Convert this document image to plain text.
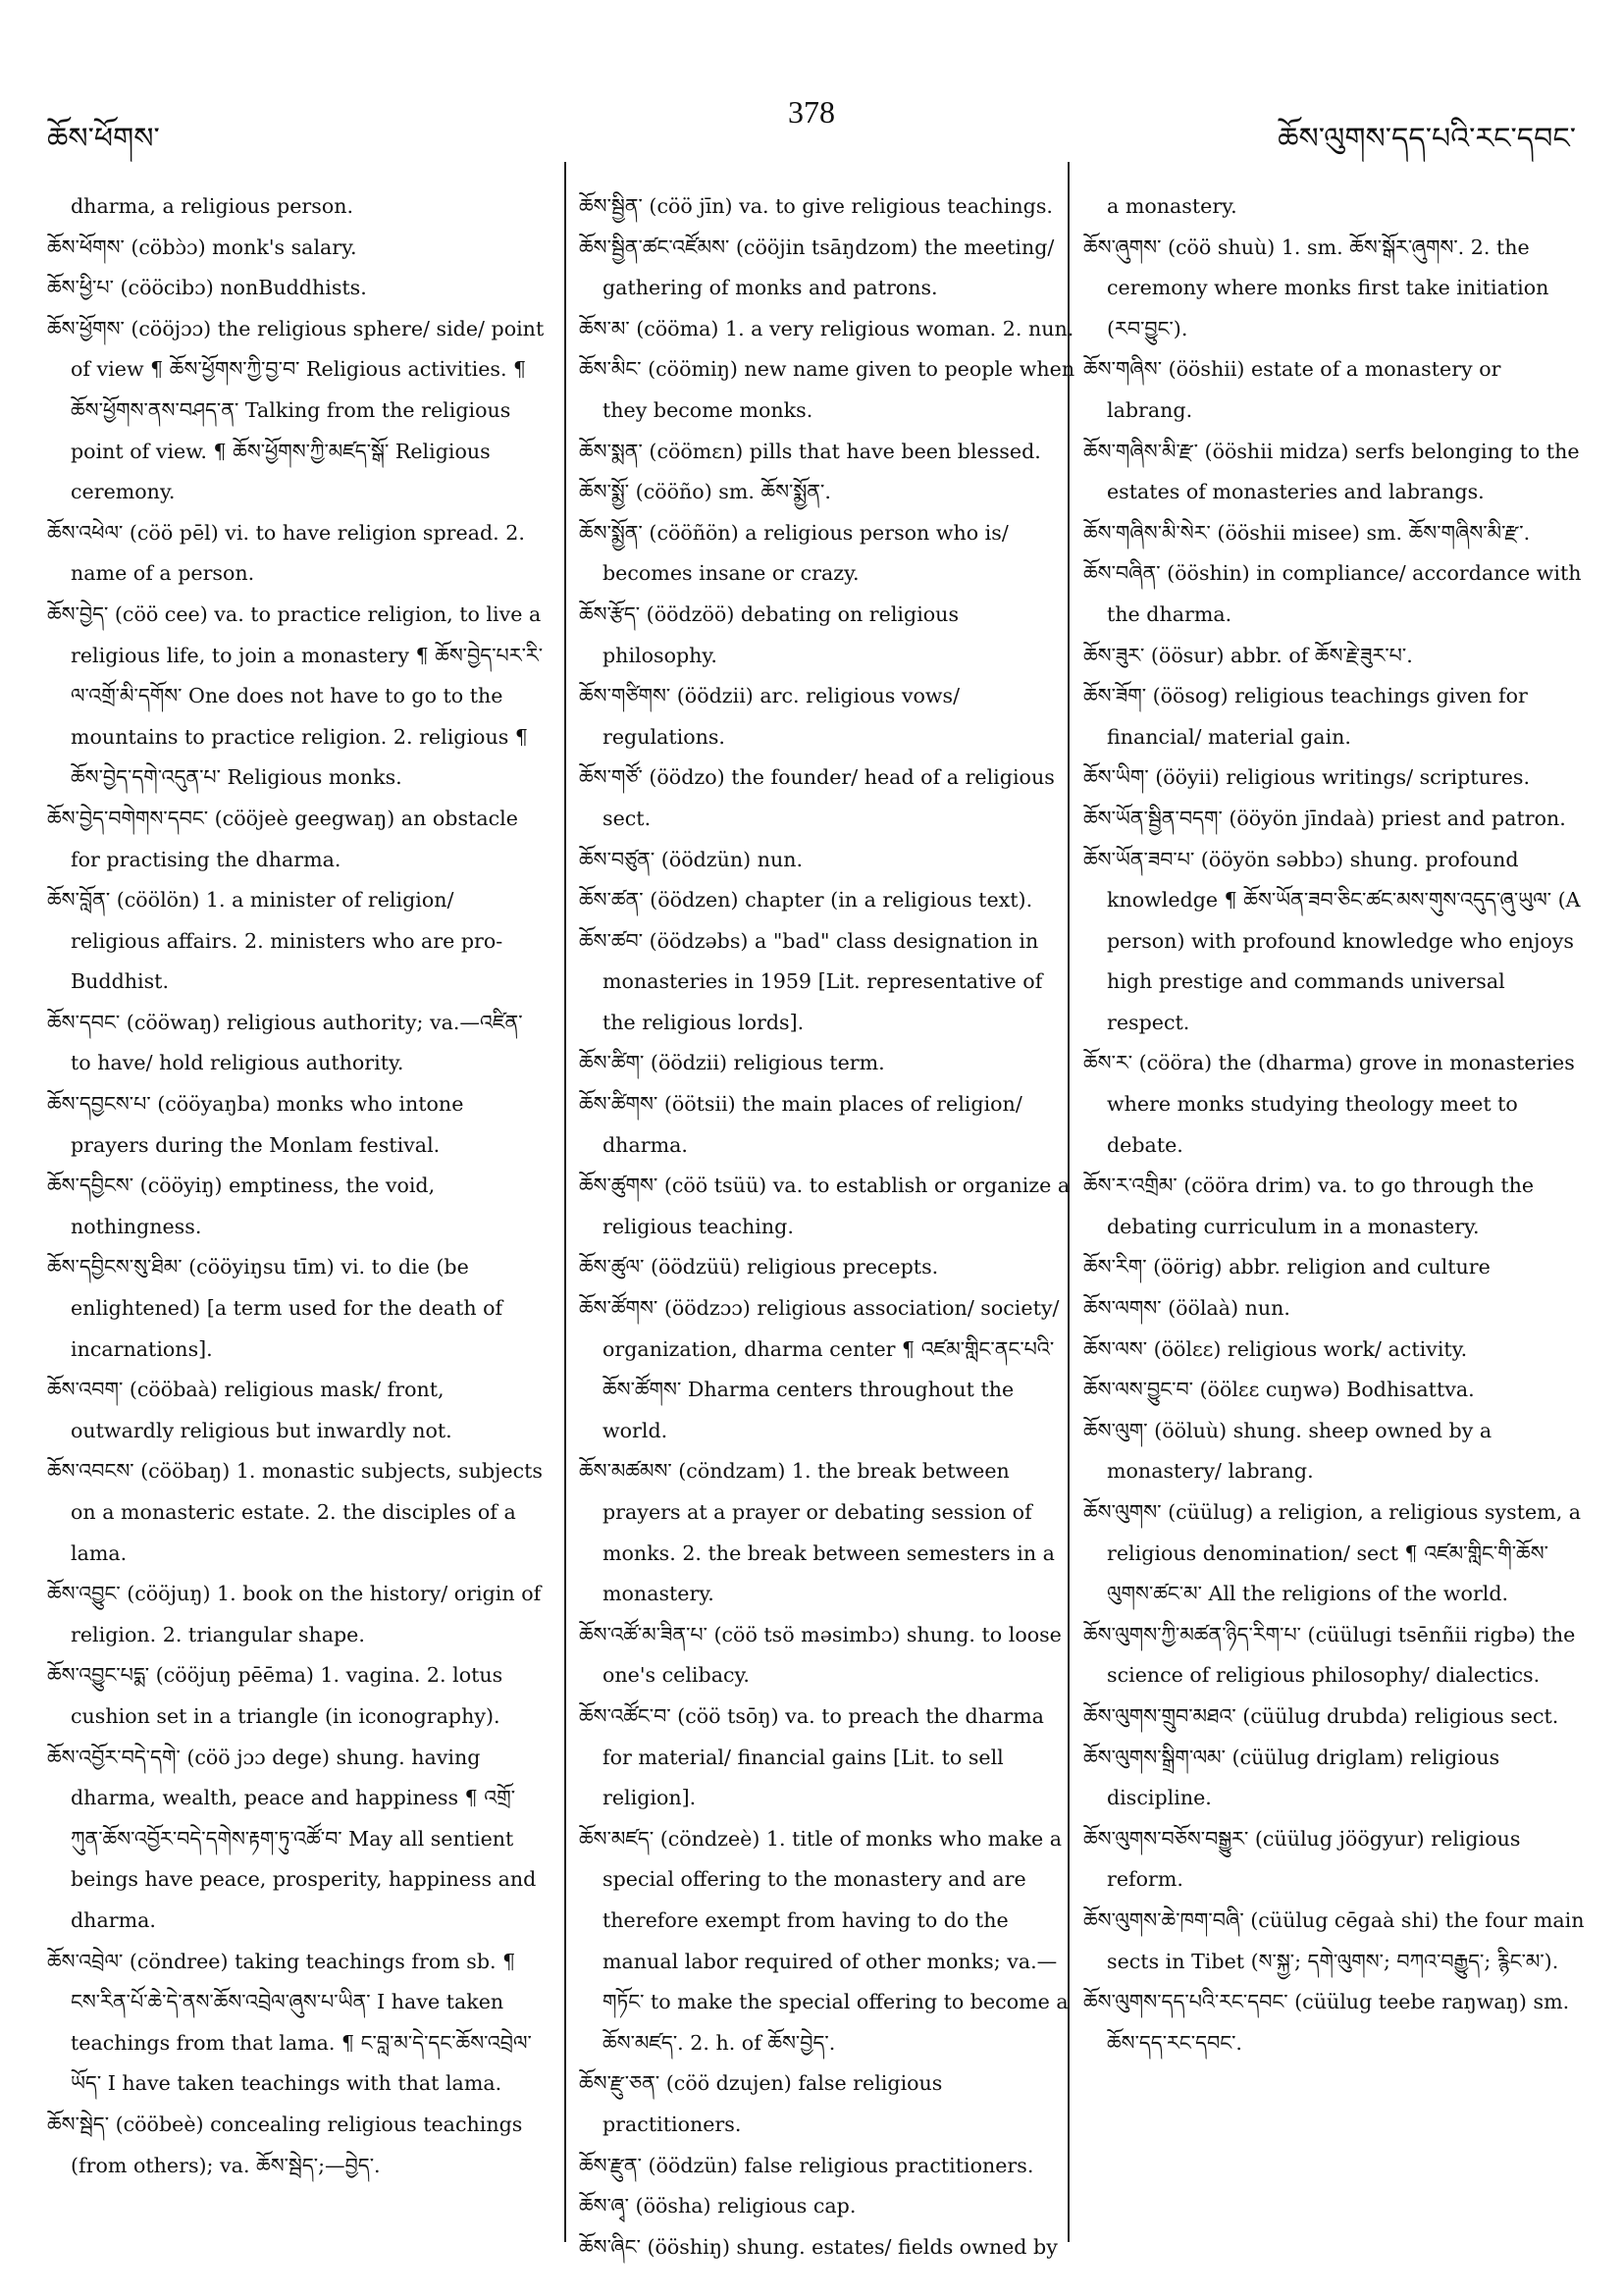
ཆོས་ཕོགས་
378
ཆོས་ལུགས་དད་པའི་རང་དབང་
dharma, a religious person.
ཆོས་ཕོགས་ (cöbɔ̀ɔ) monk's salary.
ཆོས་ཕྱི་པ་ (cööcibɔ) nonBuddhists.
ཆོས་ཕྱོགས་ (cööjɔɔ) the religious sphere/ side/ point of view ¶ ཆོས་ཕྱོགས་ཀྱི་བྱ་བ་ Religious activities. ¶ ཆོས་ཕྱོགས་ནས་བཤད་ན་ Talking from the religious point of view. ¶ ཆོས་ཕྱོགས་ཀྱི་མཛད་སྒོ་ Religious ceremony.
ཆོས་འཕེལ་ (cöö pēl) vi. to have religion spread. 2. name of a person.
ཆོས་བྱེད་ (cöö cee) va. to practice religion, to live a religious life, to join a monastery ¶ ཆོས་བྱེད་པར་རི་ལ་འགྲོ་མི་དགོས་ One does not have to go to the mountains to practice religion. 2. religious ¶ ཆོས་བྱེད་དགེ་འདུན་པ་ Religious monks.
ཆོས་བྱེད་བགེགས་དབང་ (cööjeè geegwaŋ) an obstacle for practising the dharma.
ཆོས་བློན་ (cöölön) 1. a minister of religion/ religious affairs. 2. ministers who are pro-Buddhist.
ཆོས་དབང་ (cööwaŋ) religious authority; va.—འཛིན་ to have/ hold religious authority.
ཆོས་དབྱངས་པ་ (cööyaŋba) monks who intone prayers during the Monlam festival.
ཆོས་དབྱིངས་ (cööyiŋ) emptiness, the void, nothingness.
ཆོས་དབྱིངས་སུ་ཐིམ་ (cööyiŋsu tīm) vi. to die (be enlightened) [a term used for the death of incarnations].
ཆོས་འབག་ (cööbaà) religious mask/ front, outwardly religious but inwardly not.
ཆོས་འབངས་ (cööbaŋ) 1. monastic subjects, subjects on a monasteric estate. 2. the disciples of a lama.
ཆོས་འབྱུང་ (cööjuŋ) 1. book on the history/ origin of religion. 2. triangular shape.
ཆོས་འབྱུང་པདྨ་ (cööjuŋ pēēma) 1. vagina. 2. lotus cushion set in a triangle (in iconography).
ཆོས་འབྱོར་བདེ་དགེ་ (cöö jɔɔ dege) shung. having dharma, wealth, peace and happiness ¶ འགྲོ་ཀུན་ཆོས་འབྱོར་བདེ་དགེས་རྟག་ཏུ་འཚོ་བ་ May all sentient beings have peace, prosperity, happiness and dharma.
ཆོས་འབྲེལ་ (cöndree) taking teachings from sb. ¶ ངས་རིན་པོ་ཆེ་དེ་ནས་ཆོས་འབྲེལ་ཞུས་པ་ཡིན་ I have taken teachings from that lama. ¶ ང་བླ་མ་དེ་དང་ཆོས་འབྲེལ་ཡོད་ I have taken teachings with that lama.
ཆོས་སྦེད་ (cööbeè) concealing religious teachings (from others); va. ཆོས་སྦེད་;—བྱེད་.
ཆོས་སྦྱིན་ (cöö jīn) va. to give religious teachings.
ཆོས་སྦྱིན་ཚང་འཛོམས་ (cööjin tsāŋdzom) the meeting/ gathering of monks and patrons.
ཆོས་མ་ (cööma) 1. a very religious woman. 2. nun.
ཆོས་མིང་ (cöömiŋ) new name given to people when they become monks.
ཆོས་སྨན་ (cöömɛn) pills that have been blessed.
ཆོས་སྨྱོ་ (cööño) sm. ཆོས་སྨྱོན་.
ཆོས་སྨྱོན་ (cööñön) a religious person who is/ becomes insane or crazy.
ཆོས་རྩོད་ (öödzöö) debating on religious philosophy.
ཆོས་གཙིགས་ (öödzii) arc. religious vows/ regulations.
ཆོས་གཙོ་ (öödzo) the founder/ head of a religious sect.
ཆོས་བཙུན་ (öödzün) nun.
ཆོས་ཚན་ (öödzen) chapter (in a religious text).
ཆོས་ཚབ་ (öödzəbs) a "bad" class designation in monasteries in 1959 [Lit. representative of the religious lords].
ཆོས་ཚིག་ (öödzii) religious term.
ཆོས་ཚིགས་ (öötsii) the main places of religion/ dharma.
ཆོས་ཚུགས་ (cöö tsüü) va. to establish or organize a religious teaching.
ཆོས་ཚུལ་ (öödzüü) religious precepts.
ཆོས་ཚོགས་ (öödzɔɔ) religious association/ society/ organization, dharma center ¶ འཛམ་གླིང་ནང་པའི་ཆོས་ཚོགས་ Dharma centers throughout the world.
ཆོས་མཚམས་ (cöndzam) 1. the break between prayers at a prayer or debating session of monks. 2. the break between semesters in a monastery.
ཆོས་འཚོ་མ་ཟིན་པ་ (cöö tsö məsimbɔ) shung. to loose one's celibacy.
ཆོས་འཚོང་བ་ (cöö tsōŋ) va. to preach the dharma for material/ financial gains [Lit. to sell religion].
ཆོས་མཛད་ (cöndzeè) 1. title of monks who make a special offering to the monastery and are therefore exempt from having to do the manual labor required of other monks; va.—གཏོང་ to make the special offering to become a ཆོས་མཛད་. 2. h. of ཆོས་བྱེད་.
ཆོས་རྫུ་ཅན་ (cöö dzujen) false religious practitioners.
ཆོས་རྫུན་ (öödzün) false religious practitioners.
ཆོས་ཞྭ་ (öösha) religious cap.
ཆོས་ཞིང་ (ööshiŋ) shung. estates/ fields owned by
a monastery.
ཆོས་ཞུགས་ (cöö shuù) 1. sm. ཆོས་སྒོར་ཞུགས་. 2. the ceremony where monks first take initiation (རབ་བྱུང་).
ཆོས་གཞིས་ (ööshii) estate of a monastery or labrang.
ཆོས་གཞིས་མི་རྫ་ (ööshii midza) serfs belonging to the estates of monasteries and labrangs.
ཆོས་གཞིས་མི་སེར་ (ööshii misee) sm. ཆོས་གཞིས་མི་རྫ་.
ཆོས་བཞིན་ (ööshin) in compliance/ accordance with the dharma.
ཆོས་ཟུར་ (öösur) abbr. of ཆོས་རྗེ་ཟུར་པ་.
ཆོས་ཟོག་ (öösog) religious teachings given for financial/ material gain.
ཆོས་ཡིག་ (ööyii) religious writings/ scriptures.
ཆོས་ཡོན་སྦྱིན་བདག་ (ööyön jīndaà) priest and patron.
ཆོས་ཡོན་ཟབ་པ་ (ööyön səbbɔ) shung. profound knowledge ¶ ཆོས་ཡོན་ཟབ་ཅིང་ཚང་མས་གུས་འདུད་ཞུ་ཡུལ་ (A person) with profound knowledge who enjoys high prestige and commands universal respect.
ཆོས་ར་ (cööra) the (dharma) grove in monasteries where monks studying theology meet to debate.
ཆོས་ར་འགྲིམ་ (cööra drim) va. to go through the debating curriculum in a monastery.
ཆོས་རིག་ (öörig) abbr. religion and culture
ཆོས་ལགས་ (öölaà) nun.
ཆོས་ལས་ (öölɛɛ) religious work/ activity.
ཆོས་ལས་བྱུང་བ་ (öölɛɛ cuŋwə) Bodhisattva.
ཆོས་ལུག་ (ööluù) shung. sheep owned by a monastery/ labrang.
ཆོས་ལུགས་ (cüülug) a religion, a religious system, a religious denomination/ sect ¶ འཛམ་གླིང་གི་ཆོས་ལུགས་ཚང་མ་ All the religions of the world.
ཆོས་ལུགས་ཀྱི་མཚན་ཉིད་རིག་པ་ (cüülugi tsēnñii rigbə) the science of religious philosophy/ dialectics.
ཆོས་ལུགས་གྲུབ་མཐའ་ (cüülug drubda) religious sect.
ཆོས་ལུགས་སྒྲིག་ལམ་ (cüülug driglam) religious discipline.
ཆོས་ལུགས་བཅོས་བསྒྱུར་ (cüülug jöögyur) religious reform.
ཆོས་ལུགས་ཆེ་ཁག་བཞི་ (cüülug cēgaà shi) the four main sects in Tibet (ས་སྐྱ་; དགེ་ལུགས་; བཀའ་བརྒྱུད་; རྙིང་མ་).
ཆོས་ལུགས་དད་པའི་རང་དབང་ (cüülug teebe raŋwaŋ) sm. ཆོས་དད་རང་དབང་.
